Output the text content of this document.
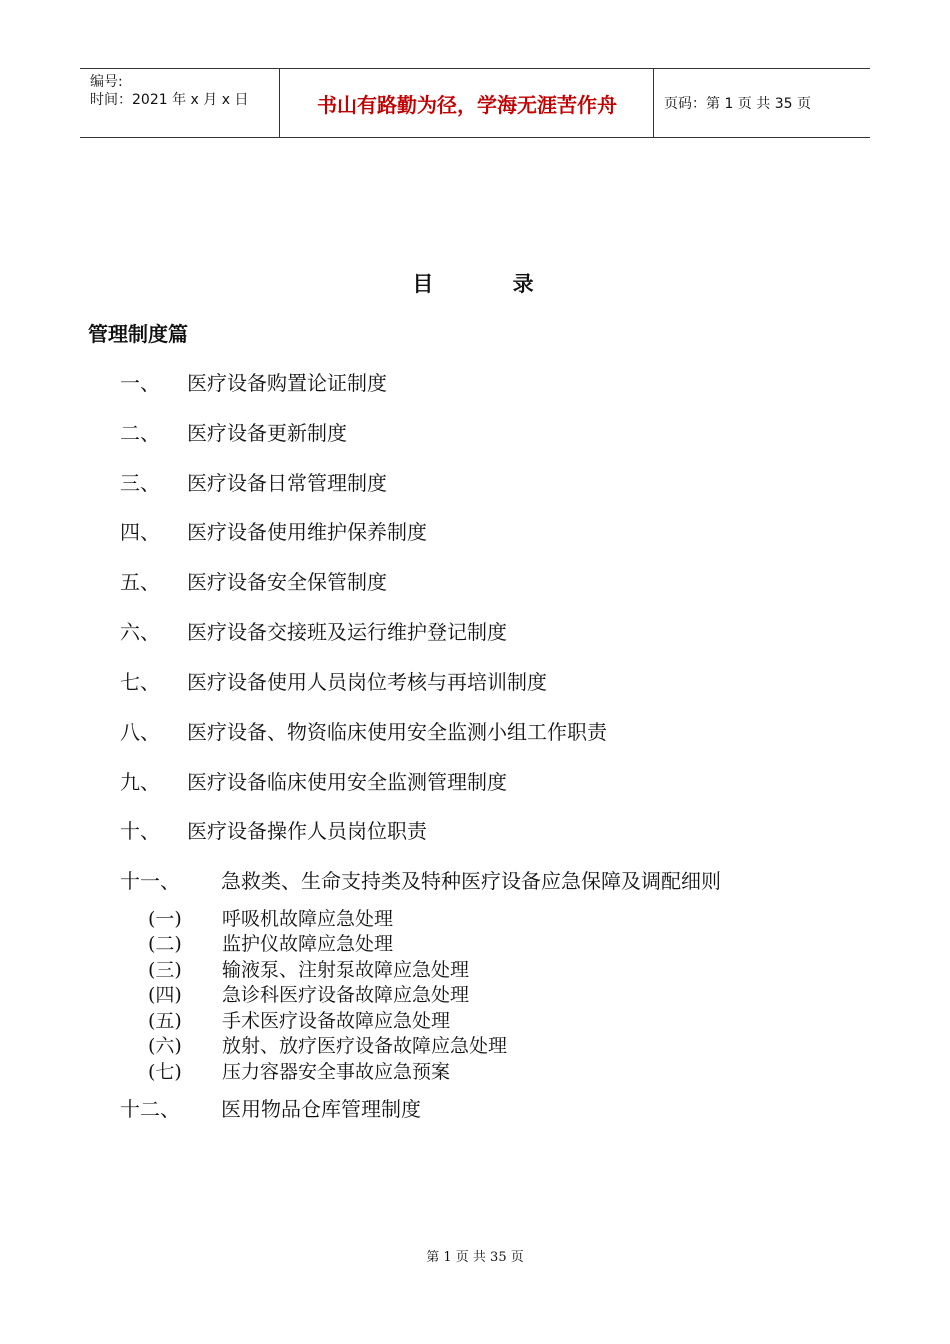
编号:
时间：2021 年 x 月 x 日	书山有路勤为径，学海无涯苦作舟	页码：第 1 页 共 35 页
目 录
管理制度篇
一、 医疗设备购置论证制度
二、 医疗设备更新制度
三、 医疗设备日常管理制度
四、 医疗设备使用维护保养制度
五、 医疗设备安全保管制度
六、 医疗设备交接班及运行维护登记制度
七、 医疗设备使用人员岗位考核与再培训制度
八、 医疗设备、物资临床使用安全监测小组工作职责
九、 医疗设备临床使用安全监测管理制度
十、 医疗设备操作人员岗位职责
十一、 急救类、生命支持类及特种医疗设备应急保障及调配细则
(一) 呼吸机故障应急处理
(二) 监护仪故障应急处理
(三) 输液泵、注射泵故障应急处理
(四) 急诊科医疗设备故障应急处理
(五) 手术医疗设备故障应急处理
(六) 放射、放疗医疗设备故障应急处理
(七) 压力容器安全事故应急预案
十二、 医用物品仓库管理制度
第 1 页 共 35 页
